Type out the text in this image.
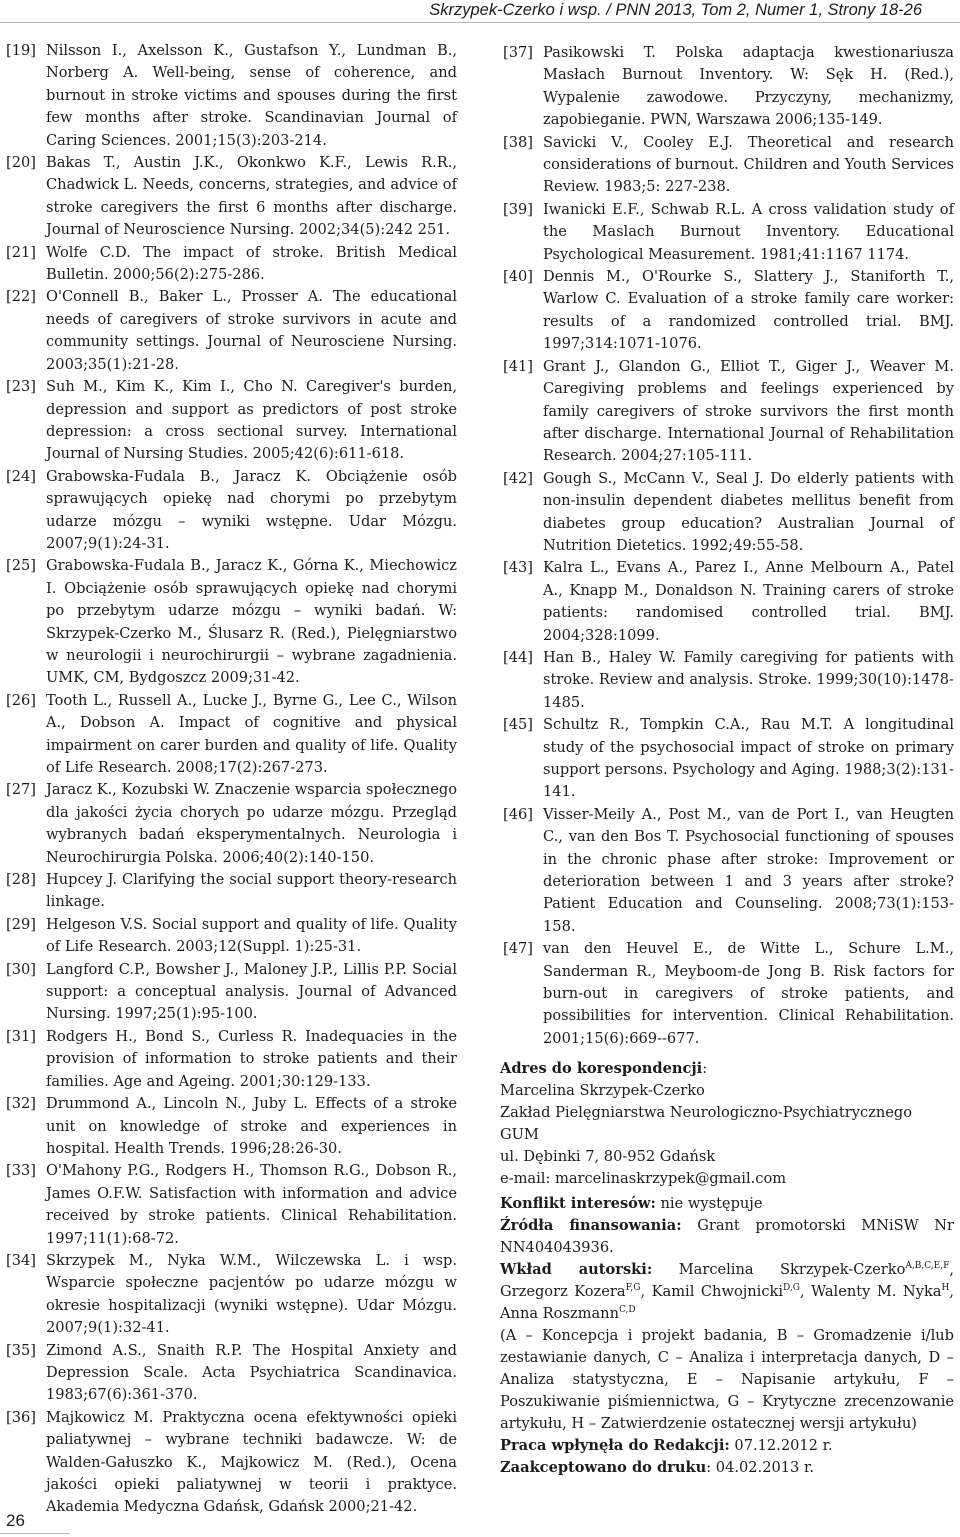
Skrzypek-Czerko i wsp. / PNN 2013, Tom 2, Numer 1, Strony 18-26

[19] Nilsson I., Axelsson K., Gustafson Y., Lundman B., Norberg A. Well-being, sense of coherence, and burnout in stroke victims and spouses during the first few months after stroke. Scandinavian Journal of Caring Sciences. 2001;15(3):203-214.

[20] Bakas T., Austin J.K., Okonkwo K.F., Lewis R.R., Chadwick L. Needs, concerns, strategies, and advice of stroke caregivers the first 6 months after discharge. Journal of Neuroscience Nursing. 2002;34(5):242 251.

[21] Wolfe C.D. The impact of stroke. British Medical Bulletin. 2000;56(2):275-286.

[22] O'Connell B., Baker L., Prosser A. The educational needs of caregivers of stroke survivors in acute and community settings. Journal of Neurosciene Nursing. 2003;35(1):21-28.

[23] Suh M., Kim K., Kim I., Cho N. Caregiver's burden, depression and support as predictors of post stroke depression: a cross sectional survey. International Journal of Nursing Studies. 2005;42(6):611-618.

[24] Grabowska-Fudala B., Jaracz K. Obciążenie osób sprawujących opiekę nad chorymi po przebytym udarze mózgu – wyniki wstępne. Udar Mózgu. 2007;9(1):24-31.

[25] Grabowska-Fudala B., Jaracz K., Górna K., Miechowicz I. Obciążenie osób sprawujących opiekę nad chorymi po przebytym udarze mózgu – wyniki badań. W: Skrzypek-Czerko M., Ślusarz R. (Red.), Pielęgniarstwo w neurologii i neurochirurgii – wybrane zagadnienia. UMK, CM, Bydgoszcz 2009;31-42.

[26] Tooth L., Russell A., Lucke J., Byrne G., Lee C., Wilson A., Dobson A. Impact of cognitive and physical impairment on carer burden and quality of life. Quality of Life Research. 2008;17(2):267-273.

[27] Jaracz K., Kozubski W. Znaczenie wsparcia społecznego dla jakości życia chorych po udarze mózgu. Przegląd wybranych badań eksperymentalnych. Neurologia i Neurochirurgia Polska. 2006;40(2):140-150.

[28] Hupcey J. Clarifying the social support theory-research linkage.

[29] Helgeson V.S. Social support and quality of life. Quality of Life Research. 2003;12(Suppl. 1):25-31.

[30] Langford C.P., Bowsher J., Maloney J.P., Lillis P.P. Social support: a conceptual analysis. Journal of Advanced Nursing. 1997;25(1):95-100.

[31] Rodgers H., Bond S., Curless R. Inadequacies in the provision of information to stroke patients and their families. Age and Ageing. 2001;30:129-133.

[32] Drummond A., Lincoln N., Juby L. Effects of a stroke unit on knowledge of stroke and experiences in hospital. Health Trends. 1996;28:26-30.

[33] O'Mahony P.G., Rodgers H., Thomson R.G., Dobson R., James O.F.W. Satisfaction with information and advice received by stroke patients. Clinical Rehabilitation. 1997;11(1):68-72.

[34] Skrzypek M., Nyka W.M., Wilczewska L. i wsp. Wsparcie społeczne pacjentów po udarze mózgu w okresie hospitalizacji (wyniki wstępne). Udar Mózgu. 2007;9(1):32-41.

[35] Zimond A.S., Snaith R.P. The Hospital Anxiety and Depression Scale. Acta Psychiatrica Scandinavica. 1983;67(6):361-370.

[36] Majkowicz M. Praktyczna ocena efektywności opieki paliatywnej – wybrane techniki badawcze. W: de Walden-Gałuszko K., Majkowicz M. (Red.), Ocena jakości opieki paliatywnej w teorii i praktyce. Akademia Medyczna Gdańsk, Gdańsk 2000;21-42.

[37] Pasikowski T. Polska adaptacja kwestionariusza Masłach Burnout Inventory. W: Sęk H. (Red.), Wypalenie zawodowe. Przyczyny, mechanizmy, zapobieganie. PWN, Warszawa 2006;135-149.

[38] Savicki V., Cooley E.J. Theoretical and research considerations of burnout. Children and Youth Services Review. 1983;5: 227-238.

[39] Iwanicki E.F., Schwab R.L. A cross validation study of the Maslach Burnout Inventory. Educational Psychological Measurement. 1981;41:1167 1174.

[40] Dennis M., O'Rourke S., Slattery J., Staniforth T., Warlow C. Evaluation of a stroke family care worker: results of a randomized controlled trial. BMJ. 1997;314:1071-1076.

[41] Grant J., Glandon G., Elliot T., Giger J., Weaver M. Caregiving problems and feelings experienced by family caregivers of stroke survivors the first month after discharge. International Journal of Rehabilitation Research. 2004;27:105-111.

[42] Gough S., McCann V., Seal J. Do elderly patients with non-insulin dependent diabetes mellitus benefit from diabetes group education? Australian Journal of Nutrition Dietetics. 1992;49:55-58.

[43] Kalra L., Evans A., Parez I., Anne Melbourn A., Patel A., Knapp M., Donaldson N. Training carers of stroke patients: randomised controlled trial. BMJ. 2004;328:1099.

[44] Han B., Haley W. Family caregiving for patients with stroke. Review and analysis. Stroke. 1999;30(10):1478-1485.

[45] Schultz R., Tompkin C.A., Rau M.T. A longitudinal study of the psychosocial impact of stroke on primary support persons. Psychology and Aging. 1988;3(2):131-141.

[46] Visser-Meily A., Post M., van de Port I., van Heugten C., van den Bos T. Psychosocial functioning of spouses in the chronic phase after stroke: Improvement or deterioration between 1 and 3 years after stroke? Patient Education and Counseling. 2008;73(1):153-158.

[47] van den Heuvel E., de Witte L., Schure L.M., Sanderman R., Meyboom-de Jong B. Risk factors for burn-out in caregivers of stroke patients, and possibilities for intervention. Clinical Rehabilitation. 2001;15(6):669--677.

Adres do korespondencji:

Marcelina Skrzypek-Czerko

Zakład Pielęgniarstwa Neurologiczno-Psychiatrycznego GUM

ul. Dębinki 7, 80-952 Gdańsk

e-mail: marcelinaskrzypek@gmail.com

Konflikt interesów: nie występuje

Źródła finansowania: Grant promotorski MNiSW Nr NN404043936.

Wkład autorski: Marcelina Skrzypek-Czerko$^{A,B,C,E,F}$, Grzegorz Kozera$^{F,G}$, Kamil Chwojnicki$^{D,G}$, Walenty M. Nyka$^H$, Anna Roszmann$^{C,D}$

(A – Koncepcja i projekt badania, B – Gromadzenie i/lub zestawianie danych, C – Analiza i interpretacja danych, D – Analiza statystyczna, E – Napisanie artykułu, F – Poszukiwanie piśmiennictwa, G – Krytyczne zrecenzowanie artykułu, H – Zatwierdzenie ostatecznej wersji artykułu)

Praca wpłynęła do Redakcji: 07.12.2012 r.

Zaakceptowano do druku: 04.02.2013 r.

26
